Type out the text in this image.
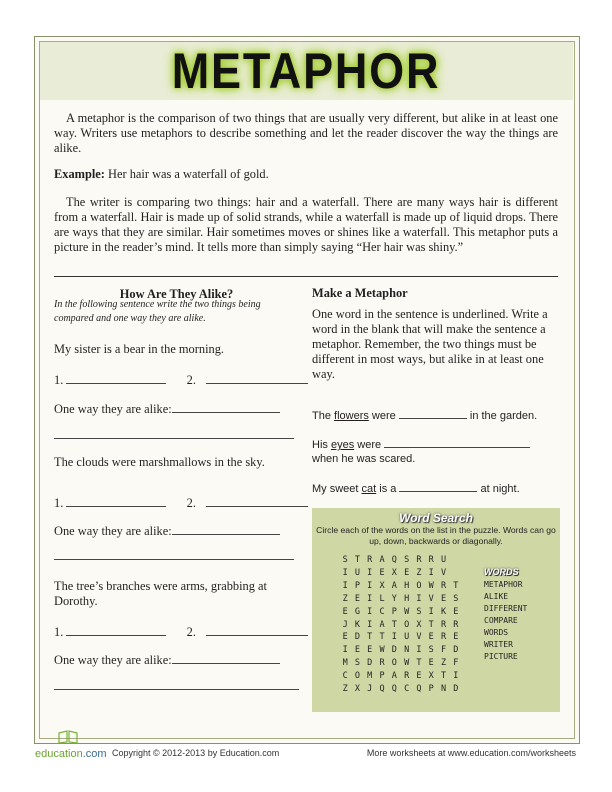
METAPHOR

A metaphor is the comparison of two things that are usually very different, but alike in at least one way. Writers use metaphors to describe something and let the reader discover the way the things are alike.

Example: Her hair was a waterfall of gold.

The writer is comparing two things: hair and a waterfall. There are many ways hair is different from a waterfall. Hair is made up of solid strands, while a waterfall is made up of liquid drops. There are ways that they are similar. Hair sometimes moves or shines like a waterfall. This metaphor puts a picture in the reader’s mind. It tells more than simply saying “Her hair was shiny.”

How Are They Alike?
In the following sentence write the two things being compared and one way they are alike.
My sister is a bear in the morning.
1.	2.
One way they are alike:
The clouds were marshmallows in the sky.
1.	2.
One way they are alike:
The tree’s branches were arms, grabbing at Dorothy.
1.	2.
One way they are alike:
Make a Metaphor
One word in the sentence is underlined. Write a word in the blank that will make the sentence a metaphor. Remember, the two things must be different in most ways, but alike in at least one way.
The flowers were	in the garden.
His eyes were
when he was scared.
My sweet cat is a	at night.
Word Search
Circle each of the words on the list in the puzzle. Words can go up, down, backwards or diagonally.
S T R A Q S R R U
I U I E X E Z I V
I P I X A H O W R T
Z E I L Y H I V E S
E G I C P W S I K E
J K I A T O X T R R
E D T T I U V E R E
I E E W D N I S F D
M S D R O W T E Z F
C O M P A R E X T I
Z X J Q Q C Q P N D
WORDS
METAPHOR
ALIKE
DIFFERENT
COMPARE
WORDS
WRITER
PICTURE
education.com Copyright © 2012-2013 by Education.com	More worksheets at www.education.com/worksheets
